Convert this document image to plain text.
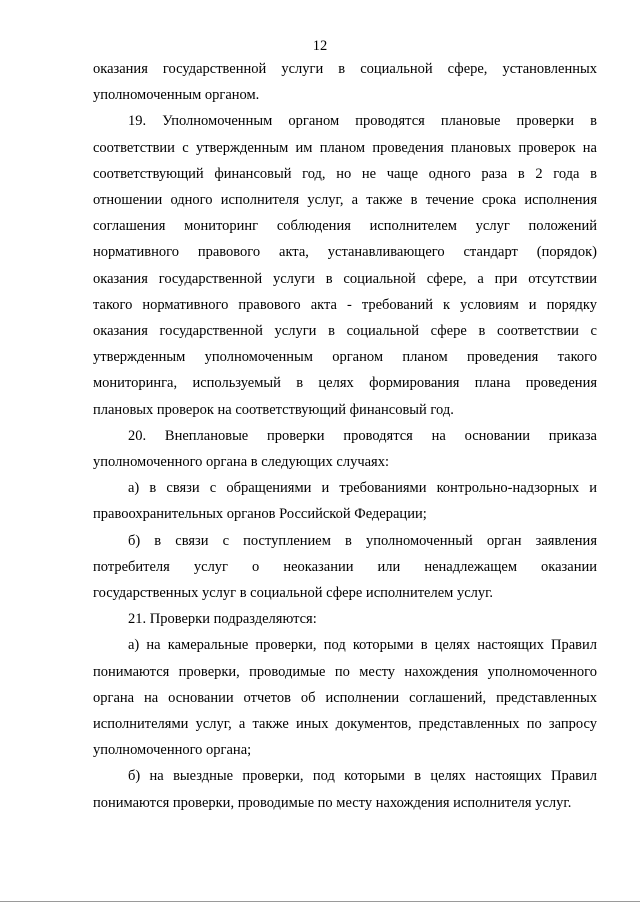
12
оказания государственной услуги в социальной сфере, установленных
уполномоченным органом.
19. Уполномоченным органом проводятся плановые проверки в
соответствии с утвержденным им планом проведения плановых проверок на
соответствующий финансовый год, но не чаще одного раза в 2 года в
отношении одного исполнителя услуг, а также в течение срока исполнения
соглашения мониторинг соблюдения исполнителем услуг положений
нормативного правового акта, устанавливающего стандарт (порядок)
оказания государственной услуги в социальной сфере, а при отсутствии
такого нормативного правового акта - требований к условиям и порядку
оказания государственной услуги в социальной сфере в соответствии с
утвержденным уполномоченным органом планом проведения такого
мониторинга, используемый в целях формирования плана проведения
плановых проверок на соответствующий финансовый год.
20. Внеплановые проверки проводятся на основании приказа
уполномоченного органа в следующих случаях:
а) в связи с обращениями и требованиями контрольно-надзорных и
правоохранительных органов Российской Федерации;
б) в связи с поступлением в уполномоченный орган заявления
потребителя услуг о неоказании или ненадлежащем оказании
государственных услуг в социальной сфере исполнителем услуг.
21. Проверки подразделяются:
а) на камеральные проверки, под которыми в целях настоящих Правил
понимаются проверки, проводимые по месту нахождения уполномоченного
органа на основании отчетов об исполнении соглашений, представленных
исполнителями услуг, а также иных документов, представленных по запросу
уполномоченного органа;
б) на выездные проверки, под которыми в целях настоящих Правил
понимаются проверки, проводимые по месту нахождения исполнителя услуг.
